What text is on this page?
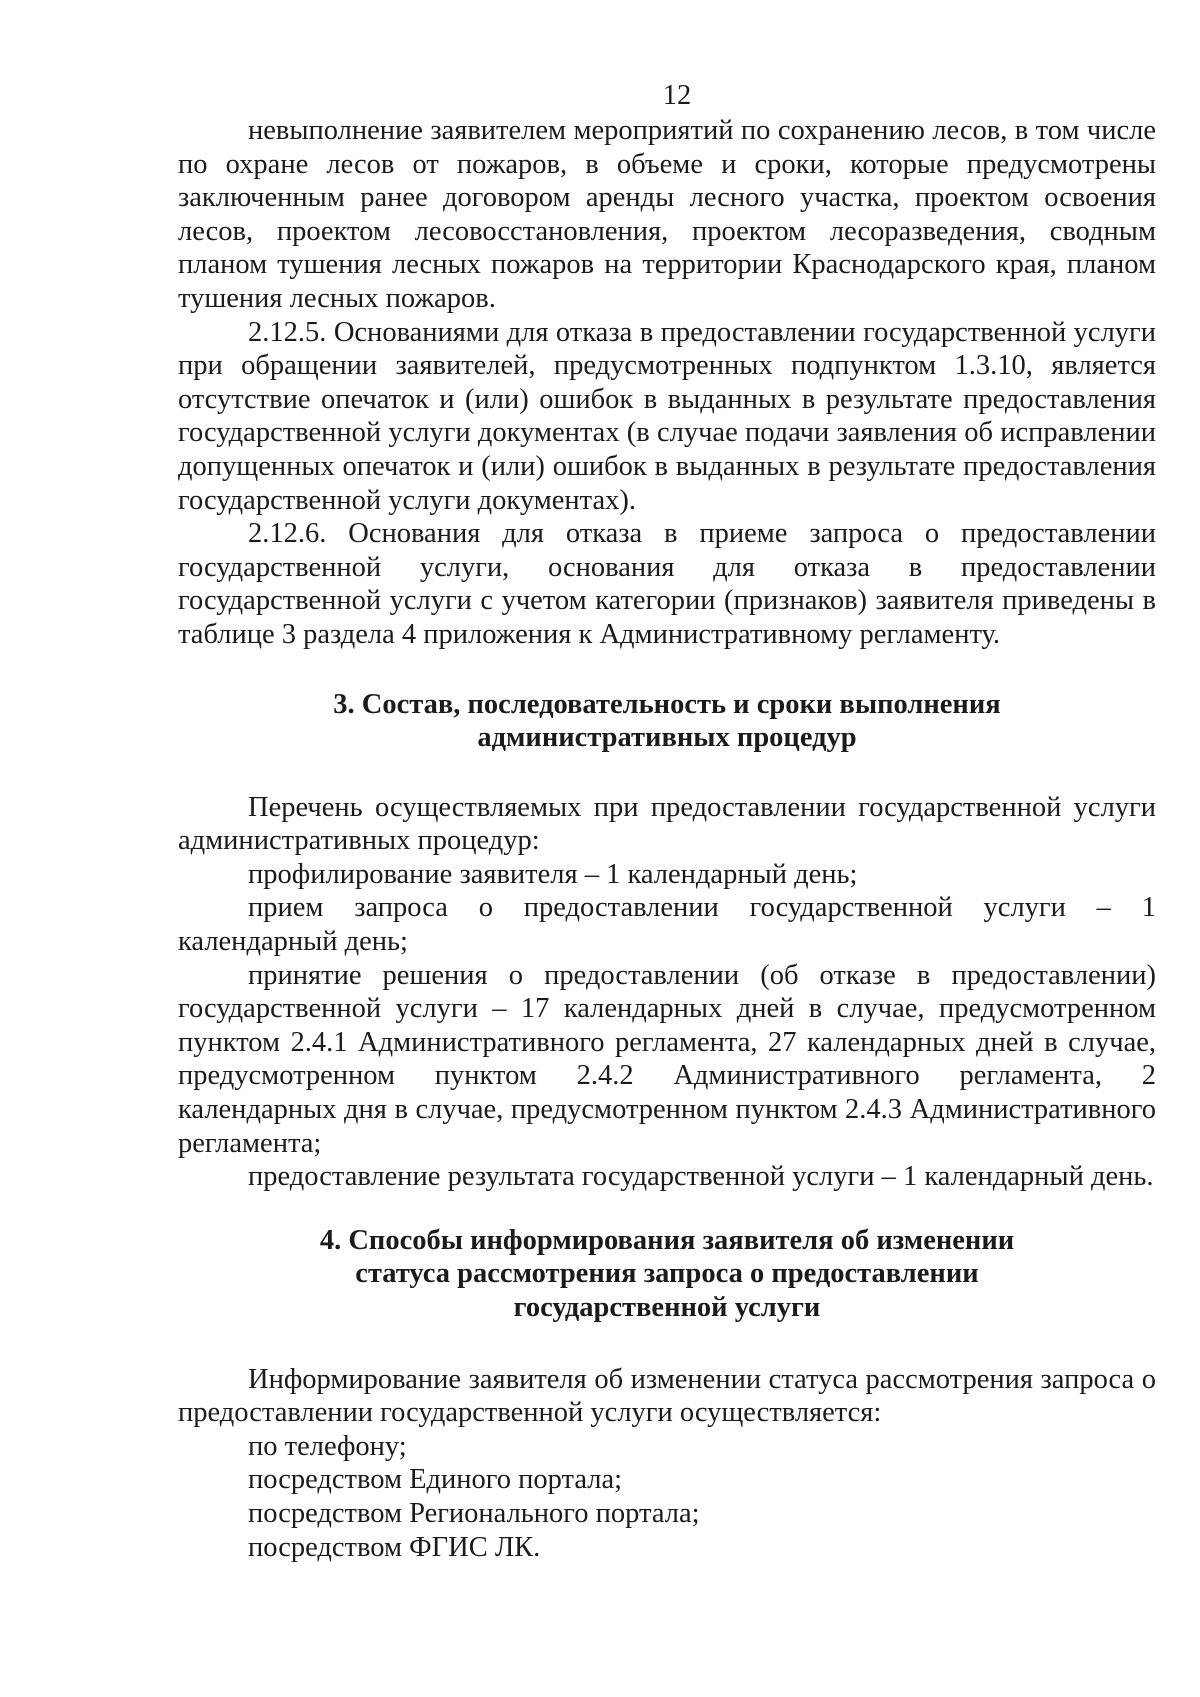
12

невыполнение заявителем мероприятий по сохранению лесов, в том числе по охране лесов от пожаров, в объеме и сроки, которые предусмотрены заключенным ранее договором аренды лесного участка, проектом освоения лесов, проектом лесовосстановления, проектом лесоразведения, сводным планом тушения лесных пожаров на территории Краснодарского края, планом тушения лесных пожаров.

2.12.5. Основаниями для отказа в предоставлении государственной услуги при обращении заявителей, предусмотренных подпунктом 1.3.10, является отсутствие опечаток и (или) ошибок в выданных в результате предоставления государственной услуги документах (в случае подачи заявления об исправлении допущенных опечаток и (или) ошибок в выданных в результате предоставления государственной услуги документах).

2.12.6. Основания для отказа в приеме запроса о предоставлении государственной услуги, основания для отказа в предоставлении государственной услуги с учетом категории (признаков) заявителя приведены в таблице 3 раздела 4 приложения к Административному регламенту.

3. Состав, последовательность и сроки выполнения
административных процедур

Перечень осуществляемых при предоставлении государственной услуги административных процедур:

профилирование заявителя – 1 календарный день;

прием запроса о предоставлении государственной услуги – 1 календарный день;

принятие решения о предоставлении (об отказе в предоставлении) государственной услуги – 17 календарных дней в случае, предусмотренном пунктом 2.4.1 Административного регламента, 27 календарных дней в случае, предусмотренном пунктом 2.4.2 Административного регламента, 2 календарных дня в случае, предусмотренном пунктом 2.4.3 Административного регламента;

предоставление результата государственной услуги – 1 календарный день.

4. Способы информирования заявителя об изменении
статуса рассмотрения запроса о предоставлении
государственной услуги

Информирование заявителя об изменении статуса рассмотрения запроса о предоставлении государственной услуги осуществляется:

по телефону;

посредством Единого портала;

посредством Регионального портала;

посредством ФГИС ЛК.
